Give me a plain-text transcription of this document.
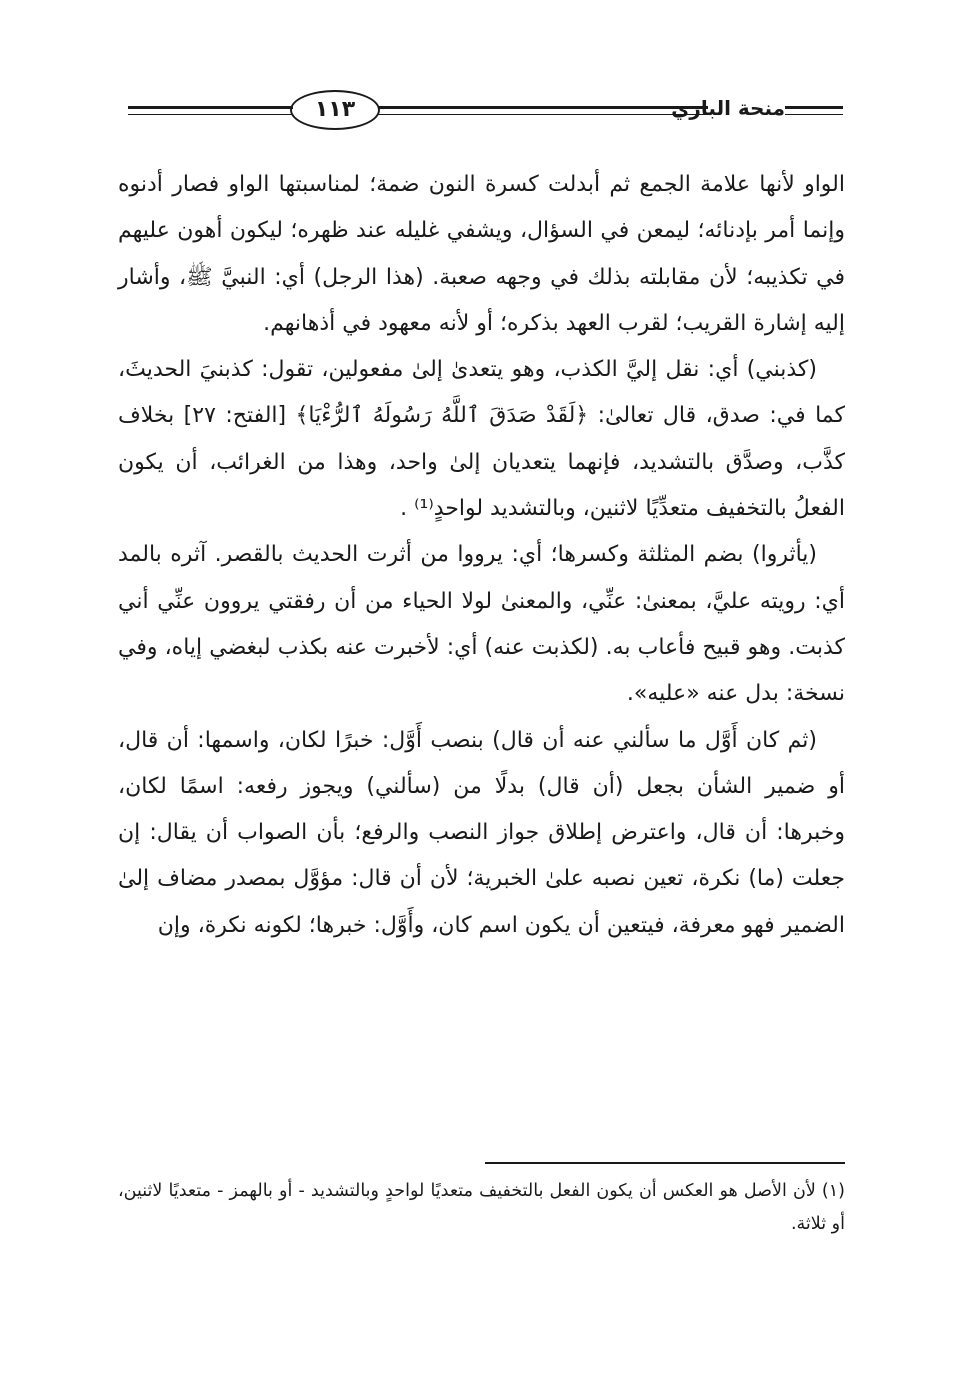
١١٣	منحة الباري

الواو لأنها علامة الجمع ثم أبدلت كسرة النون ضمة؛ لمناسبتها الواو فصار أدنوه وإنما أمر بإدنائه؛ ليمعن في السؤال، ويشفي غليله عند ظهره؛ ليكون أهون عليهم في تكذيبه؛ لأن مقابلته بذلك في وجهه صعبة. (هذا الرجل) أي: النبيَّ ﷺ، وأشار إليه إشارة القريب؛ لقرب العهد بذكره؛ أو لأنه معهود في أذهانهم.

(كذبني) أي: نقل إليَّ الكذب، وهو يتعدىٰ إلىٰ مفعولين، تقول: كذبنيَ الحديثَ، كما في: صدق، قال تعالىٰ: ﴿لَقَدْ صَدَقَ ٱللَّهُ رَسُولَهُ ٱلرُّءْيَا﴾ [الفتح: ٢٧] بخلاف كذَّب، وصدَّق بالتشديد، فإنهما يتعديان إلىٰ واحد، وهذا من الغرائب، أن يكون الفعلُ بالتخفيف متعدِّيًا لاثنين، وبالتشديد لواحدٍ⁽¹⁾ .

(يأثروا) بضم المثلثة وكسرها؛ أي: يرووا من أثرت الحديث بالقصر. آثره بالمد أي: رويته عليَّ، بمعنىٰ: عنِّي، والمعنىٰ لولا الحياء من أن رفقتي يروون عنِّي أني كذبت. وهو قبيح فأعاب به. (لكذبت عنه) أي: لأخبرت عنه بكذب لبغضي إياه، وفي نسخة: بدل عنه «عليه».

(ثم كان أَوَّل ما سألني عنه أن قال) بنصب أَوَّل: خبرًا لكان، واسمها: أن قال، أو ضمير الشأن بجعل (أن قال) بدلًا من (سألني) ويجوز رفعه: اسمًا لكان، وخبرها: أن قال، واعترض إطلاق جواز النصب والرفع؛ بأن الصواب أن يقال: إن جعلت (ما) نكرة، تعين نصبه علىٰ الخبرية؛ لأن أن قال: مؤوَّل بمصدر مضاف إلىٰ الضمير فهو معرفة، فيتعين أن يكون اسم كان، وأَوَّل: خبرها؛ لكونه نكرة، وإن

(١) لأن الأصل هو العكس أن يكون الفعل بالتخفيف متعديًا لواحدٍ وبالتشديد - أو بالهمز - متعديًا لاثنين، أو ثلاثة.
